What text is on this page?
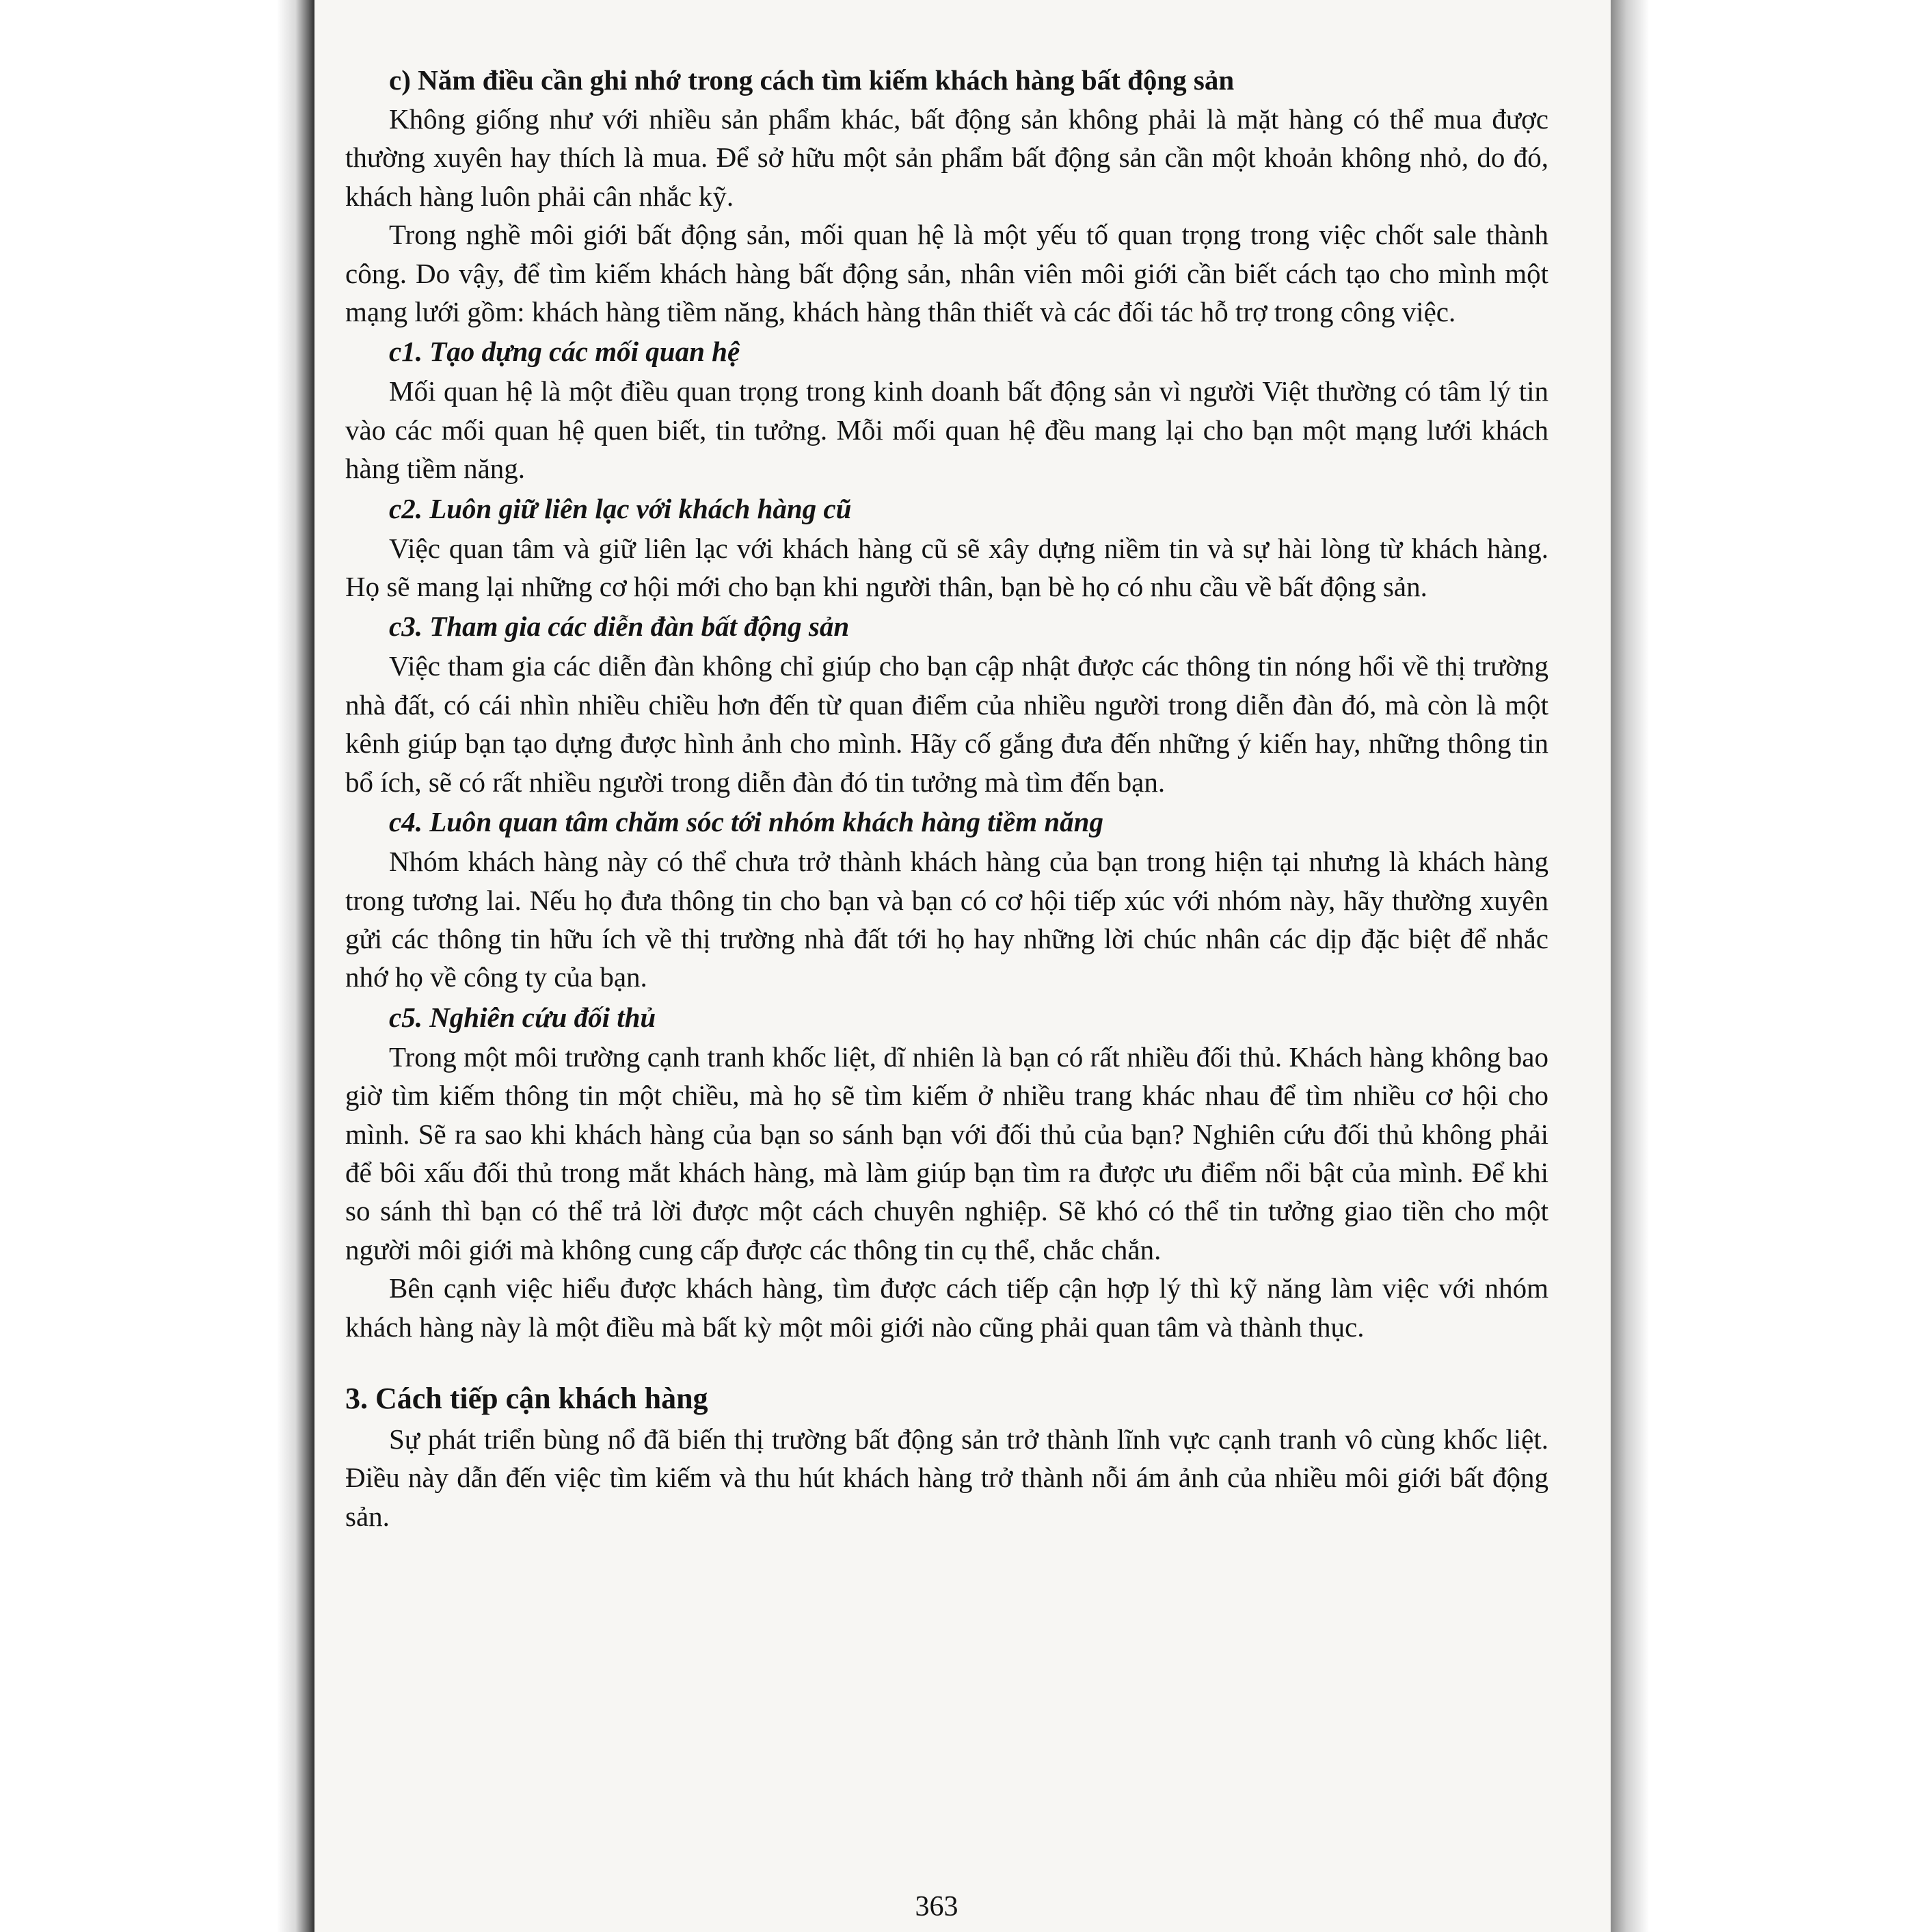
c) Năm điều cần ghi nhớ trong cách tìm kiếm khách hàng bất động sản

Không giống như với nhiều sản phẩm khác, bất động sản không phải là mặt hàng có thể mua được thường xuyên hay thích là mua. Để sở hữu một sản phẩm bất động sản cần một khoản không nhỏ, do đó, khách hàng luôn phải cân nhắc kỹ.

Trong nghề môi giới bất động sản, mối quan hệ là một yếu tố quan trọng trong việc chốt sale thành công. Do vậy, để tìm kiếm khách hàng bất động sản, nhân viên môi giới cần biết cách tạo cho mình một mạng lưới gồm: khách hàng tiềm năng, khách hàng thân thiết và các đối tác hỗ trợ trong công việc.

c1. Tạo dựng các mối quan hệ

Mối quan hệ là một điều quan trọng trong kinh doanh bất động sản vì người Việt thường có tâm lý tin vào các mối quan hệ quen biết, tin tưởng. Mỗi mối quan hệ đều mang lại cho bạn một mạng lưới khách hàng tiềm năng.

c2. Luôn giữ liên lạc với khách hàng cũ

Việc quan tâm và giữ liên lạc với khách hàng cũ sẽ xây dựng niềm tin và sự hài lòng từ khách hàng. Họ sẽ mang lại những cơ hội mới cho bạn khi người thân, bạn bè họ có nhu cầu về bất động sản.

c3. Tham gia các diễn đàn bất động sản

Việc tham gia các diễn đàn không chỉ giúp cho bạn cập nhật được các thông tin nóng hổi về thị trường nhà đất, có cái nhìn nhiều chiều hơn đến từ quan điểm của nhiều người trong diễn đàn đó, mà còn là một kênh giúp bạn tạo dựng được hình ảnh cho mình. Hãy cố gắng đưa đến những ý kiến hay, những thông tin bổ ích, sẽ có rất nhiều người trong diễn đàn đó tin tưởng mà tìm đến bạn.

c4. Luôn quan tâm chăm sóc tới nhóm khách hàng tiềm năng

Nhóm khách hàng này có thể chưa trở thành khách hàng của bạn trong hiện tại nhưng là khách hàng trong tương lai. Nếu họ đưa thông tin cho bạn và bạn có cơ hội tiếp xúc với nhóm này, hãy thường xuyên gửi các thông tin hữu ích về thị trường nhà đất tới họ hay những lời chúc nhân các dịp đặc biệt để nhắc nhớ họ về công ty của bạn.

c5. Nghiên cứu đối thủ

Trong một môi trường cạnh tranh khốc liệt, dĩ nhiên là bạn có rất nhiều đối thủ. Khách hàng không bao giờ tìm kiếm thông tin một chiều, mà họ sẽ tìm kiếm ở nhiều trang khác nhau để tìm nhiều cơ hội cho mình. Sẽ ra sao khi khách hàng của bạn so sánh bạn với đối thủ của bạn? Nghiên cứu đối thủ không phải để bôi xấu đối thủ trong mắt khách hàng, mà làm giúp bạn tìm ra được ưu điểm nổi bật của mình. Để khi so sánh thì bạn có thể trả lời được một cách chuyên nghiệp. Sẽ khó có thể tin tưởng giao tiền cho một người môi giới mà không cung cấp được các thông tin cụ thể, chắc chắn.

Bên cạnh việc hiểu được khách hàng, tìm được cách tiếp cận hợp lý thì kỹ năng làm việc với nhóm khách hàng này là một điều mà bất kỳ một môi giới nào cũng phải quan tâm và thành thục.

3. Cách tiếp cận khách hàng

Sự phát triển bùng nổ đã biến thị trường bất động sản trở thành lĩnh vực cạnh tranh vô cùng khốc liệt. Điều này dẫn đến việc tìm kiếm và thu hút khách hàng trở thành nỗi ám ảnh của nhiều môi giới bất động sản.

363
